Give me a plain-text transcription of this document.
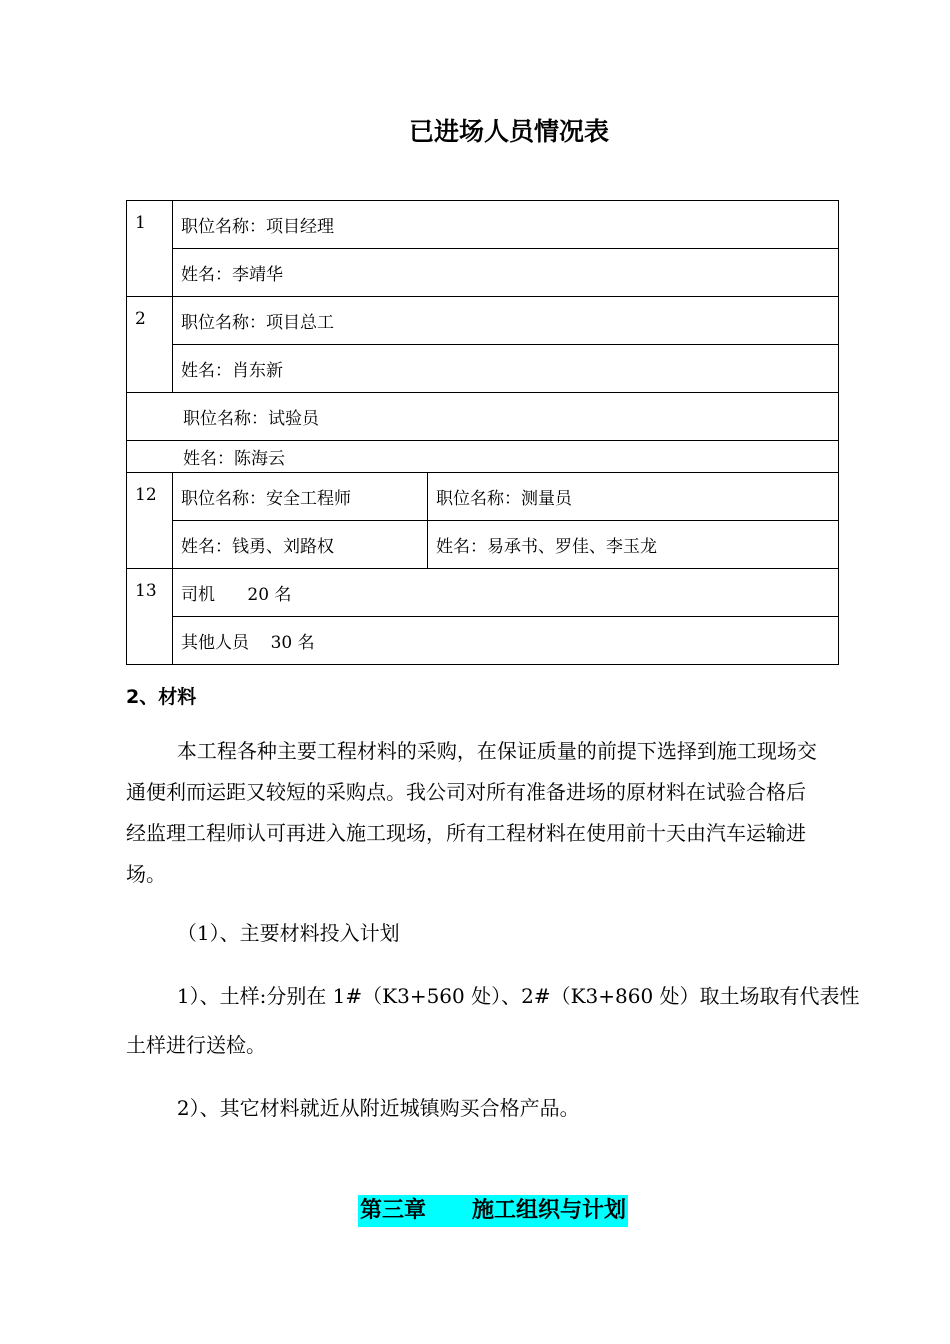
已进场人员情况表
1	职位名称：项目经理	
	姓名：李靖华	
2	职位名称：项目总工	
	姓名：肖东新	
职位名称：试验员		
姓名：陈海云		
12	职位名称：安全工程师	职位名称：测量员
	姓名：钱勇、刘路权	姓名：易承书、罗佳、李玉龙
13	司机      20 名	
	其他人员    30 名	
2、材料

本工程各种主要工程材料的采购，在保证质量的前提下选择到施工现场交

通便利而运距又较短的采购点。我公司对所有准备进场的原材料在试验合格后

经监理工程师认可再进入施工现场，所有工程材料在使用前十天由汽车运输进

场。

（1）、主要材料投入计划

1）、土样:分别在 1#（K3+560 处）、2#（K3+860 处）取土场取有代表性

土样进行送检。

2）、其它材料就近从附近城镇购买合格产品。

第三章      施工组织与计划
